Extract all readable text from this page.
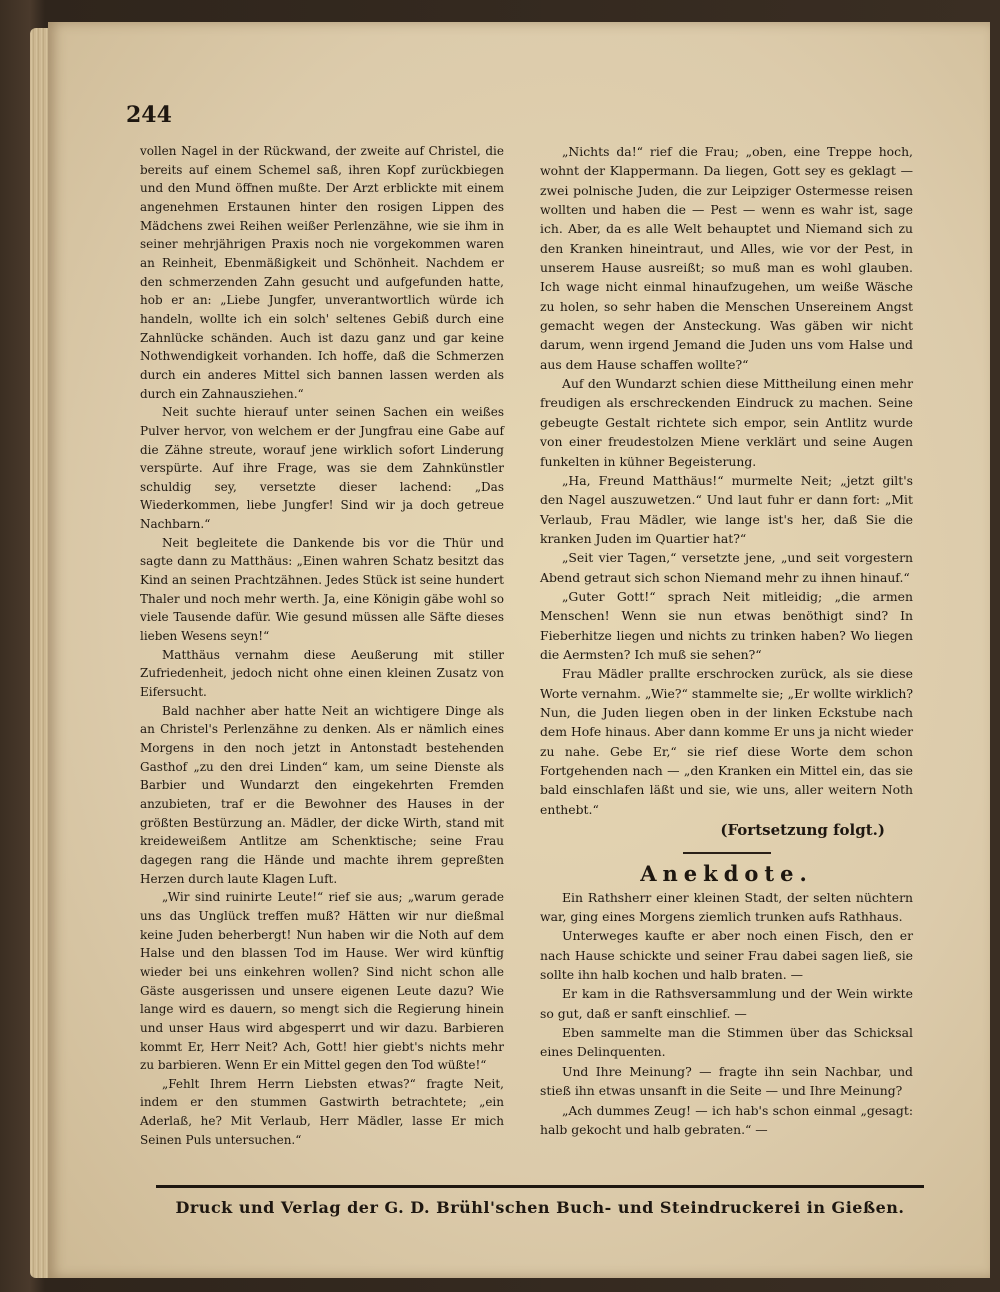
244

vollen Nagel in der Rückwand, der zweite auf Christel, die bereits auf einem Schemel saß, ihren Kopf zurückbiegen und den Mund öffnen mußte. Der Arzt erblickte mit einem angenehmen Erstaunen hinter den rosigen Lippen des Mädchens zwei Reihen weißer Perlenzähne, wie sie ihm in seiner mehrjährigen Praxis noch nie vorgekommen waren an Reinheit, Ebenmäßigkeit und Schönheit. Nachdem er den schmerzenden Zahn gesucht und aufgefunden hatte, hob er an: „Liebe Jungfer, unverantwortlich würde ich handeln, wollte ich ein solch' seltenes Gebiß durch eine Zahnlücke schänden. Auch ist dazu ganz und gar keine Nothwendigkeit vorhanden. Ich hoffe, daß die Schmerzen durch ein anderes Mittel sich bannen lassen werden als durch ein Zahnausziehen.“

Neit suchte hierauf unter seinen Sachen ein weißes Pulver hervor, von welchem er der Jungfrau eine Gabe auf die Zähne streute, worauf jene wirklich sofort Linderung verspürte. Auf ihre Frage, was sie dem Zahnkünstler schuldig sey, versetzte dieser lachend: „Das Wiederkommen, liebe Jungfer! Sind wir ja doch getreue Nachbarn.“

Neit begleitete die Dankende bis vor die Thür und sagte dann zu Matthäus: „Einen wahren Schatz besitzt das Kind an seinen Prachtzähnen. Jedes Stück ist seine hundert Thaler und noch mehr werth. Ja, eine Königin gäbe wohl so viele Tausende dafür. Wie gesund müssen alle Säfte dieses lieben Wesens seyn!“

Matthäus vernahm diese Aeußerung mit stiller Zufriedenheit, jedoch nicht ohne einen kleinen Zusatz von Eifersucht.

Bald nachher aber hatte Neit an wichtigere Dinge als an Christel's Perlenzähne zu denken. Als er nämlich eines Morgens in den noch jetzt in Antonstadt bestehenden Gasthof „zu den drei Linden“ kam, um seine Dienste als Barbier und Wundarzt den eingekehrten Fremden anzubieten, traf er die Bewohner des Hauses in der größten Bestürzung an. Mädler, der dicke Wirth, stand mit kreideweißem Antlitze am Schenktische; seine Frau dagegen rang die Hände und machte ihrem gepreßten Herzen durch laute Klagen Luft.

„Wir sind ruinirte Leute!“ rief sie aus; „warum gerade uns das Unglück treffen muß? Hätten wir nur dießmal keine Juden beherbergt! Nun haben wir die Noth auf dem Halse und den blassen Tod im Hause. Wer wird künftig wieder bei uns einkehren wollen? Sind nicht schon alle Gäste ausgerissen und unsere eigenen Leute dazu? Wie lange wird es dauern, so mengt sich die Regierung hinein und unser Haus wird abgesperrt und wir dazu. Barbieren kommt Er, Herr Neit? Ach, Gott! hier giebt's nichts mehr zu barbieren. Wenn Er ein Mittel gegen den Tod wüßte!“

„Fehlt Ihrem Herrn Liebsten etwas?“ fragte Neit, indem er den stummen Gastwirth betrachtete; „ein Aderlaß, he? Mit Verlaub, Herr Mädler, lasse Er mich Seinen Puls untersuchen.“

„Nichts da!“ rief die Frau; „oben, eine Treppe hoch, wohnt der Klappermann. Da liegen, Gott sey es geklagt — zwei polnische Juden, die zur Leipziger Ostermesse reisen wollten und haben die — Pest — wenn es wahr ist, sage ich. Aber, da es alle Welt behauptet und Niemand sich zu den Kranken hineintraut, und Alles, wie vor der Pest, in unserem Hause ausreißt; so muß man es wohl glauben. Ich wage nicht einmal hinaufzugehen, um weiße Wäsche zu holen, so sehr haben die Menschen Unsereinem Angst gemacht wegen der Ansteckung. Was gäben wir nicht darum, wenn irgend Jemand die Juden uns vom Halse und aus dem Hause schaffen wollte?“

Auf den Wundarzt schien diese Mittheilung einen mehr freudigen als erschreckenden Eindruck zu machen. Seine gebeugte Gestalt richtete sich empor, sein Antlitz wurde von einer freudestolzen Miene verklärt und seine Augen funkelten in kühner Begeisterung.

„Ha, Freund Matthäus!“ murmelte Neit; „jetzt gilt's den Nagel auszuwetzen.“ Und laut fuhr er dann fort: „Mit Verlaub, Frau Mädler, wie lange ist's her, daß Sie die kranken Juden im Quartier hat?“

„Seit vier Tagen,“ versetzte jene, „und seit vorgestern Abend getraut sich schon Niemand mehr zu ihnen hinauf.“

„Guter Gott!“ sprach Neit mitleidig; „die armen Menschen! Wenn sie nun etwas benöthigt sind? In Fieberhitze liegen und nichts zu trinken haben? Wo liegen die Aermsten? Ich muß sie sehen?“

Frau Mädler prallte erschrocken zurück, als sie diese Worte vernahm. „Wie?“ stammelte sie; „Er wollte wirklich? Nun, die Juden liegen oben in der linken Eckstube nach dem Hofe hinaus. Aber dann komme Er uns ja nicht wieder zu nahe. Gebe Er,“ sie rief diese Worte dem schon Fortgehenden nach — „den Kranken ein Mittel ein, das sie bald einschlafen läßt und sie, wie uns, aller weitern Noth enthebt.“

(Fortsetzung folgt.)
Anekdote.

Ein Rathsherr einer kleinen Stadt, der selten nüchtern war, ging eines Morgens ziemlich trunken aufs Rathhaus.

Unterweges kaufte er aber noch einen Fisch, den er nach Hause schickte und seiner Frau dabei sagen ließ, sie sollte ihn halb kochen und halb braten. —

Er kam in die Rathsversammlung und der Wein wirkte so gut, daß er sanft einschlief. —

Eben sammelte man die Stimmen über das Schicksal eines Delinquenten.

Und Ihre Meinung? — fragte ihn sein Nachbar, und stieß ihn etwas unsanft in die Seite — und Ihre Meinung?

„Ach dummes Zeug! — ich hab's schon einmal „gesagt: halb gekocht und halb gebraten.“ —

Druck und Verlag der G. D. Brühl'schen Buch- und Steindruckerei in Gießen.
